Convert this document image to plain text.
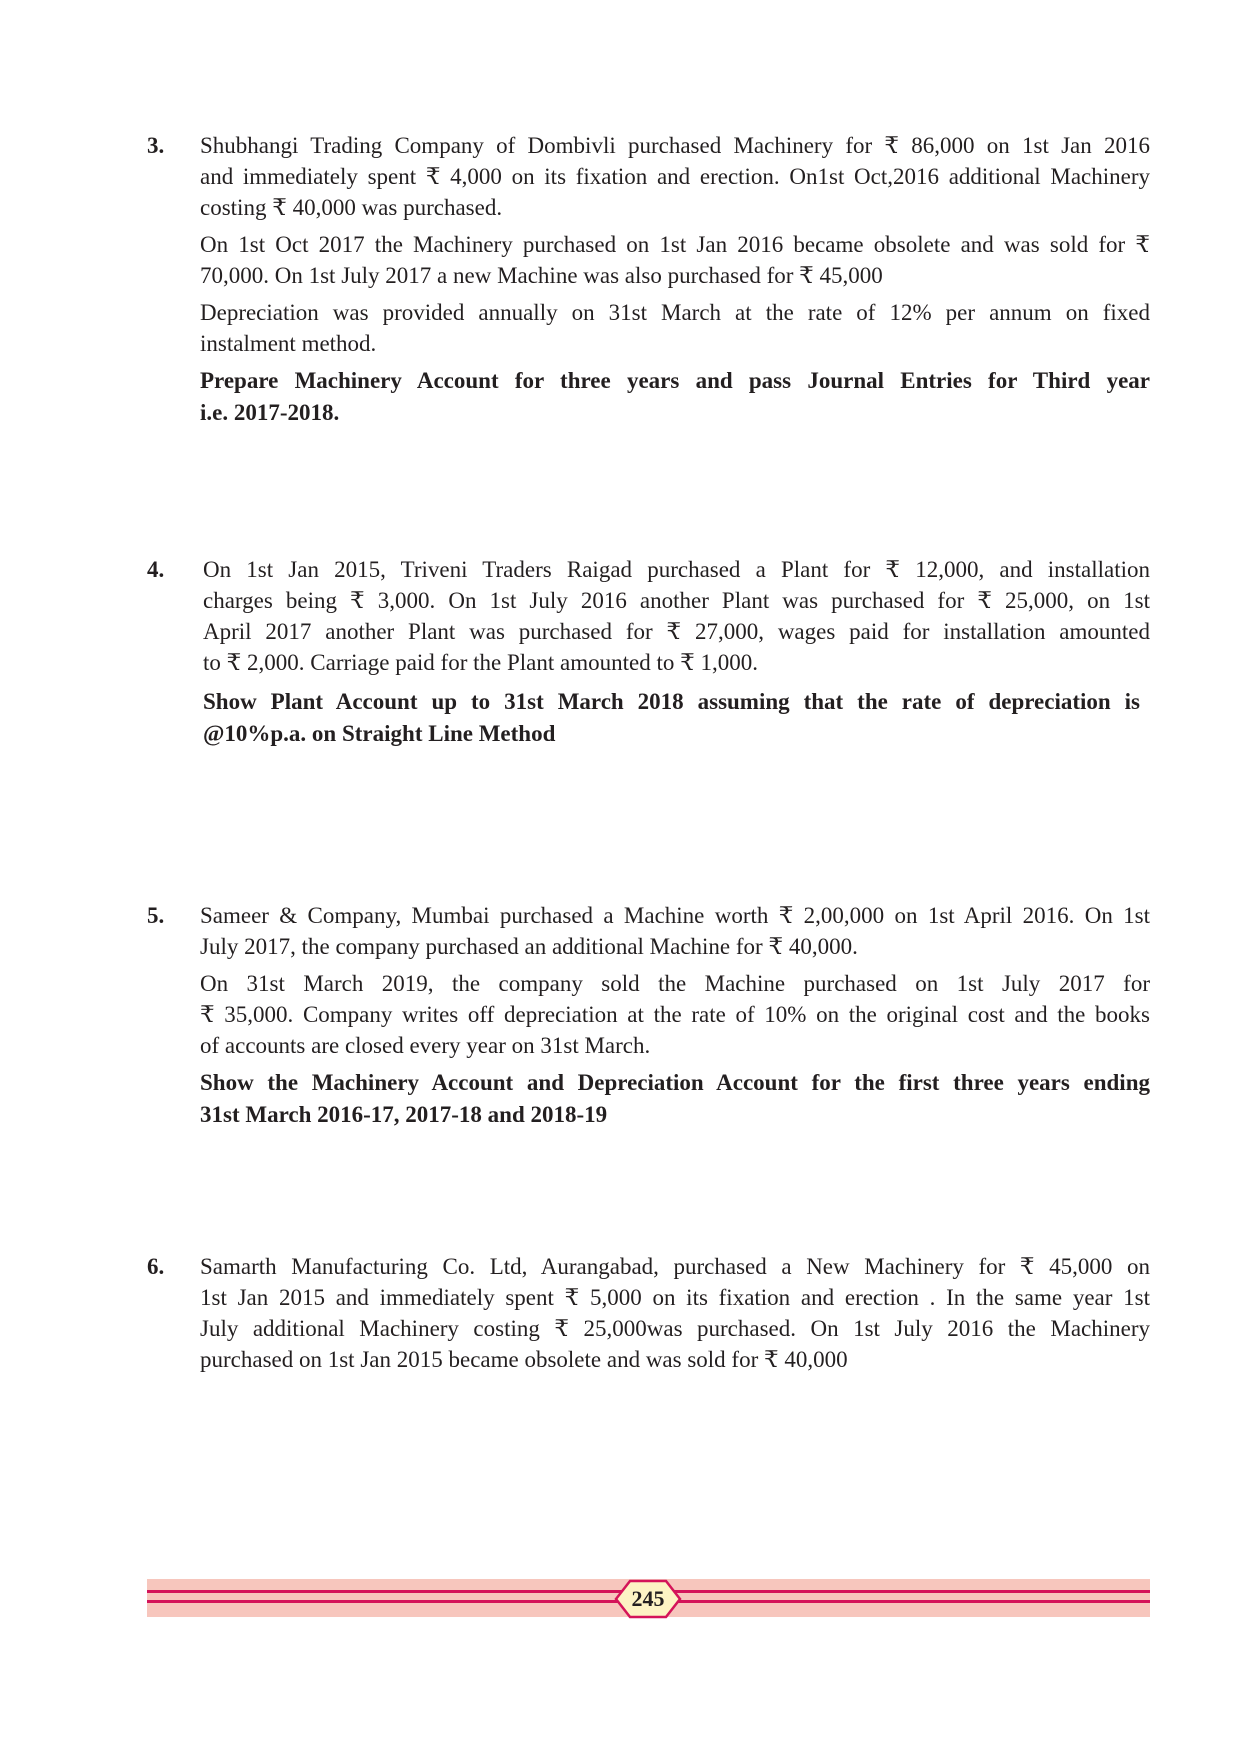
3. Shubhangi Trading Company of Dombivli purchased Machinery for ₹ 86,000 on 1st Jan 2016
and immediately spent ₹ 4,000 on its fixation and erection. On1st Oct,2016 additional Machinery
costing ₹ 40,000 was purchased.

On 1st Oct 2017 the Machinery purchased on 1st Jan 2016 became obsolete and was sold for ₹
70,000. On 1st July 2017 a new Machine was also purchased for ₹ 45,000

Depreciation was provided annually on 31st March at the rate of 12% per annum on fixed
instalment method.

Prepare Machinery Account for three years and pass Journal Entries for Third year
i.e. 2017-2018.

4. On 1st Jan 2015, Triveni Traders Raigad purchased a Plant for ₹ 12,000, and installation
charges being ₹ 3,000. On 1st July 2016 another Plant was purchased for ₹ 25,000, on 1st
April 2017 another Plant was purchased for ₹ 27,000, wages paid for installation amounted
to ₹ 2,000. Carriage paid for the Plant amounted to ₹ 1,000.

Show Plant Account up to 31st March 2018 assuming that the rate of depreciation is
@10%p.a. on Straight Line Method

5. Sameer & Company, Mumbai purchased a Machine worth ₹ 2,00,000 on 1st April 2016. On 1st
July 2017, the company purchased an additional Machine for ₹ 40,000.

On 31st March 2019, the company sold the Machine purchased on 1st July 2017 for
₹ 35,000. Company writes off depreciation at the rate of 10% on the original cost and the books
of accounts are closed every year on 31st March.

Show the Machinery Account and Depreciation Account for the first three years ending
31st March 2016-17, 2017-18 and 2018-19

6. Samarth Manufacturing Co. Ltd, Aurangabad, purchased a New Machinery for ₹ 45,000 on
1st Jan 2015 and immediately spent ₹ 5,000 on its fixation and erection . In the same year 1st
July additional Machinery costing ₹ 25,000was purchased. On 1st July 2016 the Machinery
purchased on 1st Jan 2015 became obsolete and was sold for ₹ 40,000

245
